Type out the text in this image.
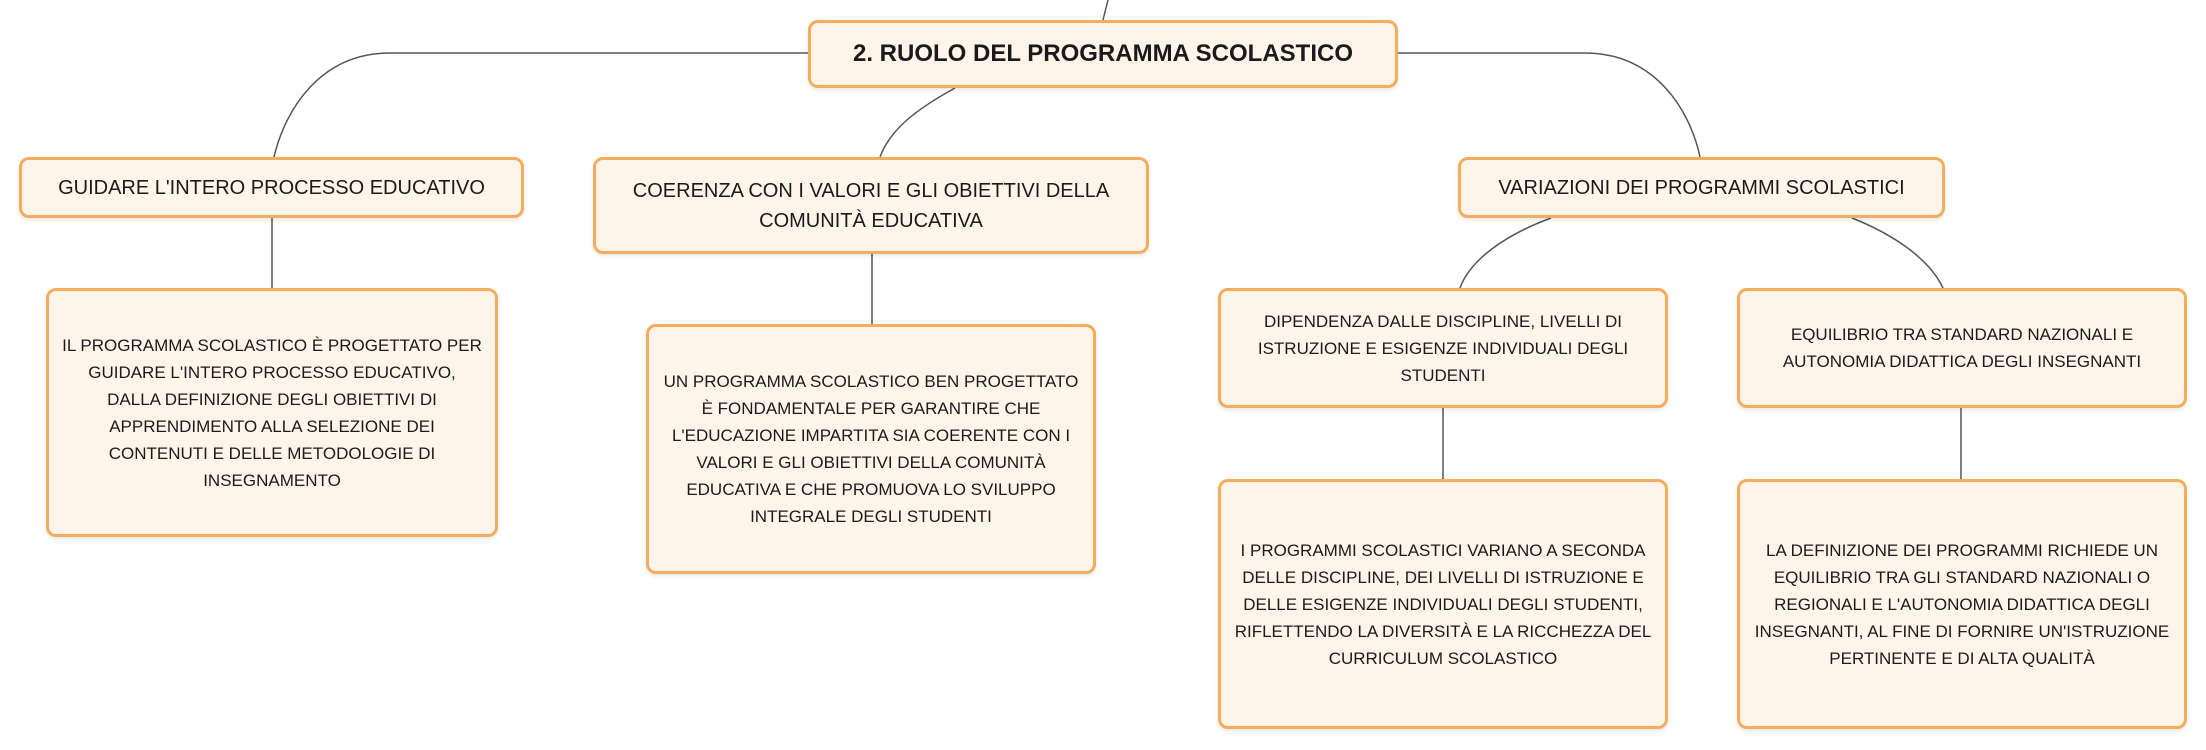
2. RUOLO DEL PROGRAMMA SCOLASTICO
GUIDARE L'INTERO PROCESSO EDUCATIVO	COERENZA CON I VALORI E GLI OBIETTIVI DELLA COMUNITÀ EDUCATIVA
VARIAZIONI DEI PROGRAMMI SCOLASTICI
IL PROGRAMMA SCOLASTICO È PROGETTATO PER GUIDARE L'INTERO PROCESSO EDUCATIVO, DALLA DEFINIZIONE DEGLI OBIETTIVI DI APPRENDIMENTO ALLA SELEZIONE DEI CONTENUTI E DELLE METODOLOGIE DI INSEGNAMENTO
UN PROGRAMMA SCOLASTICO BEN PROGETTATO È FONDAMENTALE PER GARANTIRE CHE L'EDUCAZIONE IMPARTITA SIA COERENTE CON I VALORI E GLI OBIETTIVI DELLA COMUNITÀ EDUCATIVA E CHE PROMUOVA LO SVILUPPO INTEGRALE DEGLI STUDENTI
DIPENDENZA DALLE DISCIPLINE, LIVELLI DI ISTRUZIONE E ESIGENZE INDIVIDUALI DEGLI STUDENTI
EQUILIBRIO TRA STANDARD NAZIONALI E AUTONOMIA DIDATTICA DEGLI INSEGNANTI
I PROGRAMMI SCOLASTICI VARIANO A SECONDA DELLE DISCIPLINE, DEI LIVELLI DI ISTRUZIONE E DELLE ESIGENZE INDIVIDUALI DEGLI STUDENTI, RIFLETTENDO LA DIVERSITÀ E LA RICCHEZZA DEL CURRICULUM SCOLASTICO
LA DEFINIZIONE DEI PROGRAMMI RICHIEDE UN EQUILIBRIO TRA GLI STANDARD NAZIONALI O REGIONALI E L'AUTONOMIA DIDATTICA DEGLI INSEGNANTI, AL FINE DI FORNIRE UN'ISTRUZIONE PERTINENTE E DI ALTA QUALITÀ
